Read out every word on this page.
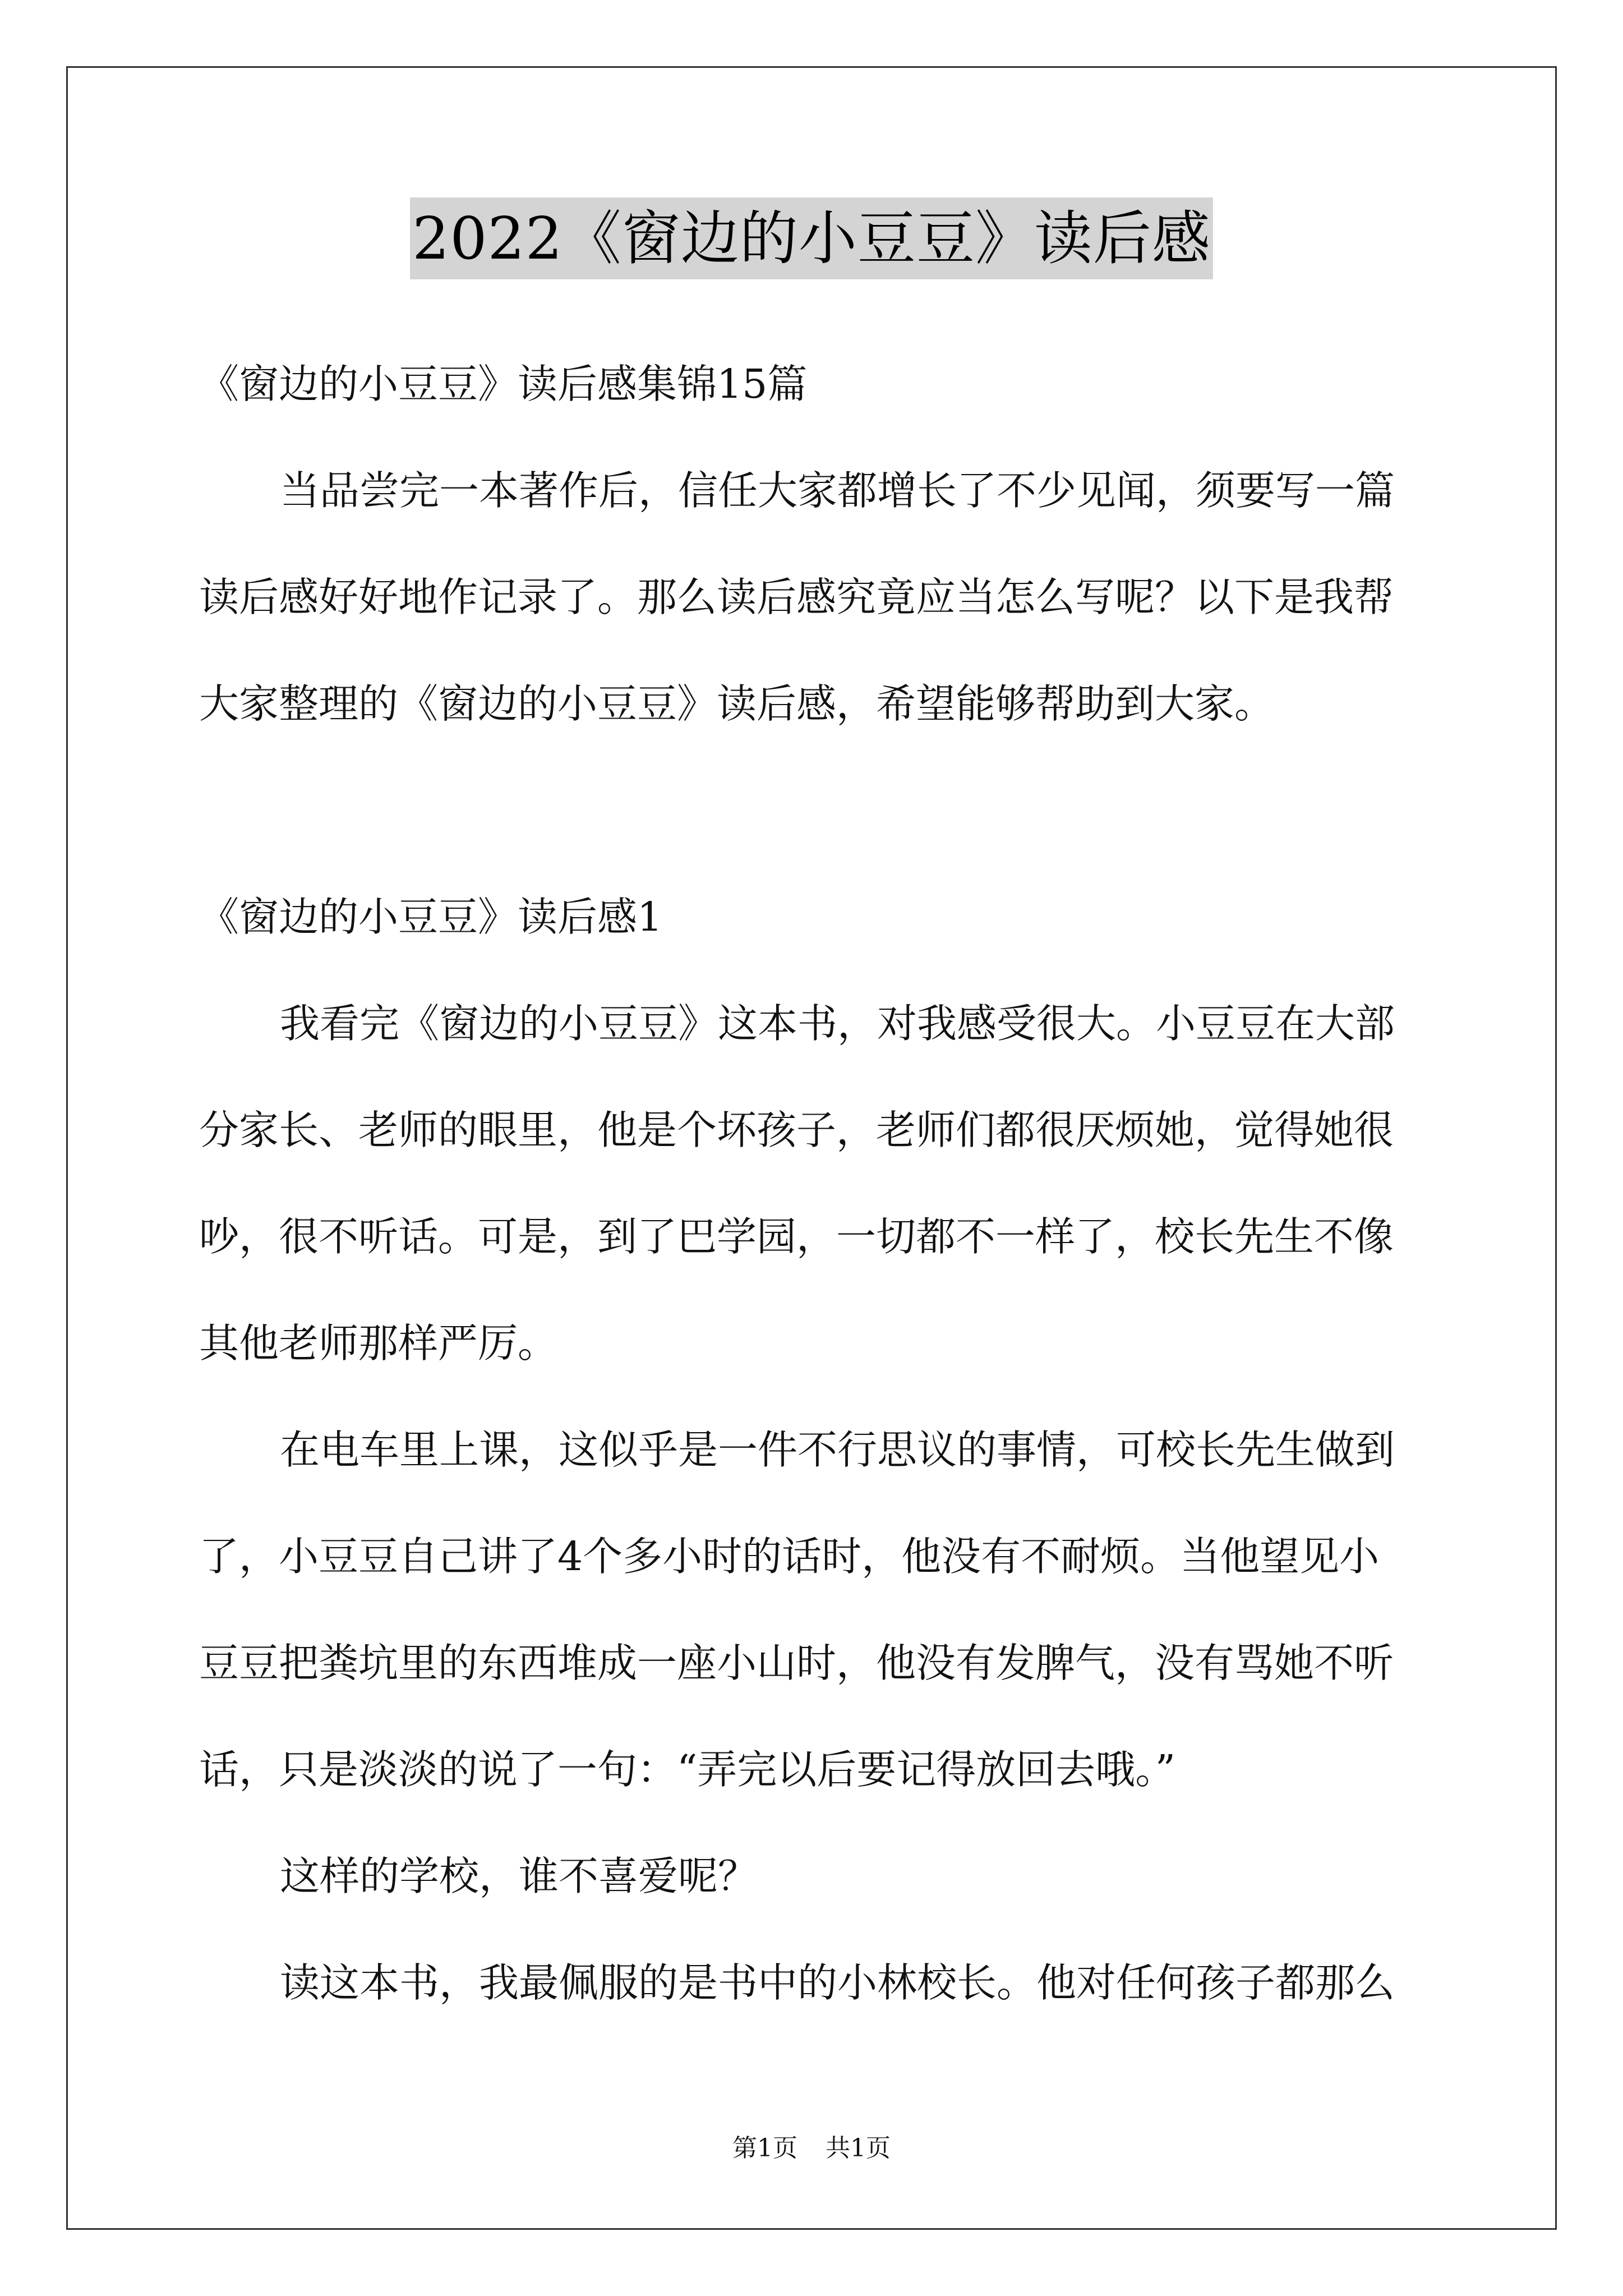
2022《窗边的小豆豆》读后感

《窗边的小豆豆》读后感集锦15篇

当品尝完一本著作后，信任大家都增长了不少见闻，须要写一篇

读后感好好地作记录了。那么读后感究竟应当怎么写呢？以下是我帮

大家整理的《窗边的小豆豆》读后感，希望能够帮助到大家。

《窗边的小豆豆》读后感1

我看完《窗边的小豆豆》这本书，对我感受很大。小豆豆在大部

分家长、老师的眼里，他是个坏孩子，老师们都很厌烦她，觉得她很

吵，很不听话。可是，到了巴学园，一切都不一样了，校长先生不像

其他老师那样严厉。

在电车里上课，这似乎是一件不行思议的事情，可校长先生做到

了，小豆豆自己讲了4个多小时的话时，他没有不耐烦。当他望见小

豆豆把粪坑里的东西堆成一座小山时，他没有发脾气，没有骂她不听

话，只是淡淡的说了一句：“弄完以后要记得放回去哦。”

这样的学校，谁不喜爱呢？

读这本书，我最佩服的是书中的小林校长。他对任何孩子都那么

第1页 共1页
